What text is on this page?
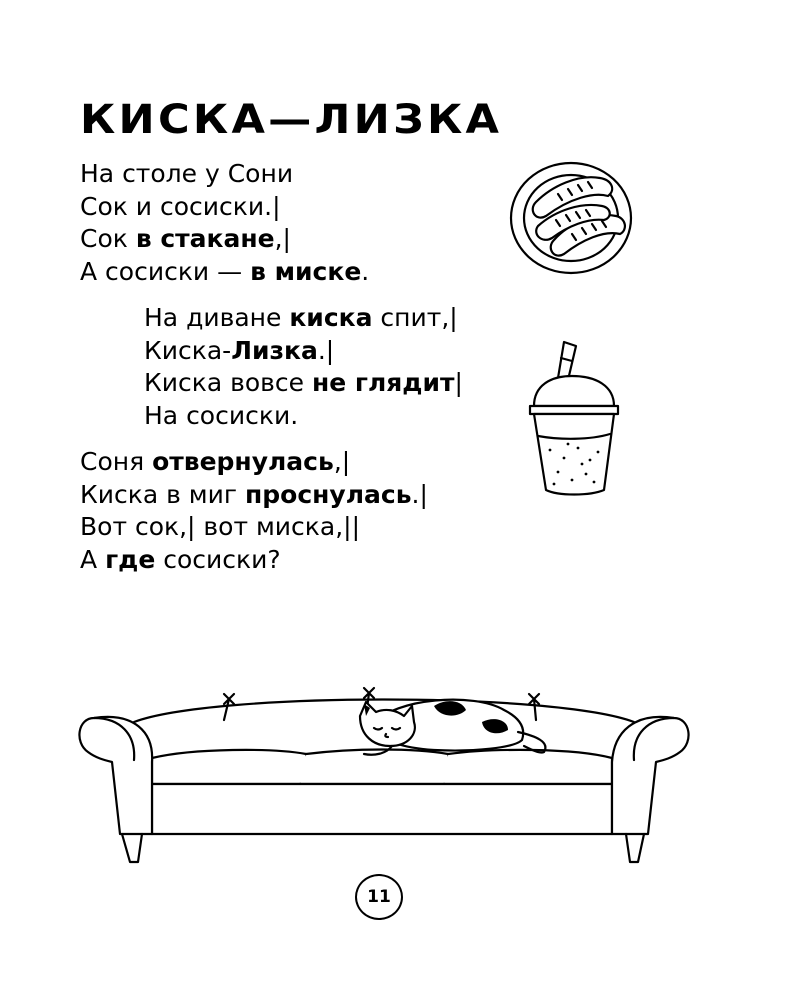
КИСКА—ЛИЗКА
На столе у Сони
Сок и сосиски.|
Сок в стакане,|
А сосиски — в миске.
На диване киска спит,|
Киска-Лизка.|
Киска вовсе не глядит|
На сосиски.
Соня отвернулась,|
Киска в миг проснулась.|
Вот сок,| вот миска,||
А где сосиски?
11
